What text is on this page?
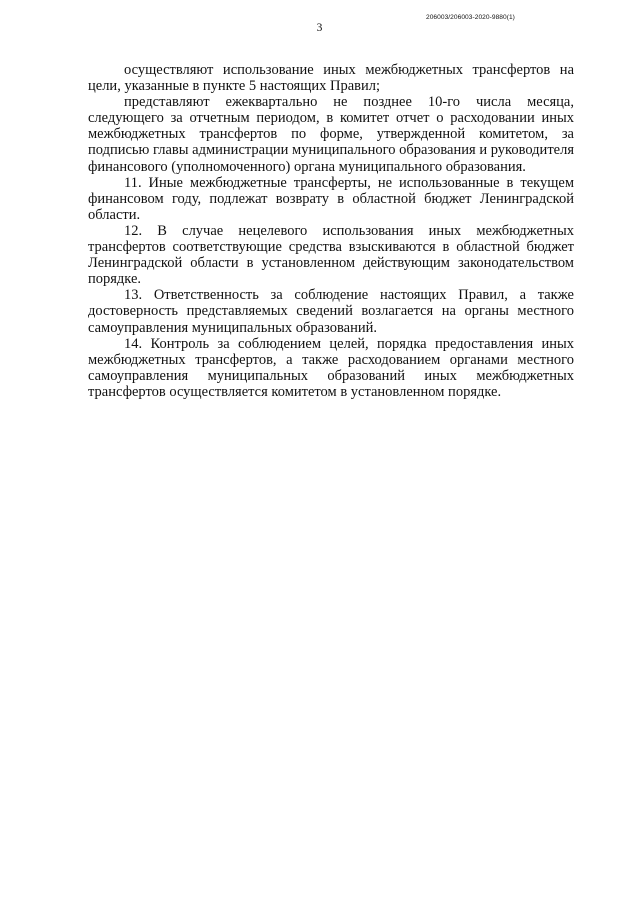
3
206003/206003-2020-9880(1)

осуществляют использование иных межбюджетных трансфертов на цели, указанные в пункте 5 настоящих Правил;

представляют ежеквартально не позднее 10-го числа месяца, следующего за отчетным периодом, в комитет отчет о расходовании иных межбюджетных трансфертов по форме, утвержденной комитетом, за подписью главы администрации муниципального образования и руководителя финансового (уполномоченного) органа муниципального образования.

11. Иные межбюджетные трансферты, не использованные в текущем финансовом году, подлежат возврату в областной бюджет Ленинградской области.

12. В случае нецелевого использования иных межбюджетных трансфертов соответствующие средства взыскиваются в областной бюджет Ленинградской области в установленном действующим законодательством порядке.

13. Ответственность за соблюдение настоящих Правил, а также достоверность представляемых сведений возлагается на органы местного самоуправления муниципальных образований.

14. Контроль за соблюдением целей, порядка предоставления иных межбюджетных трансфертов, а также расходованием органами местного самоуправления муниципальных образований иных межбюджетных трансфертов осуществляется комитетом в установленном порядке.
